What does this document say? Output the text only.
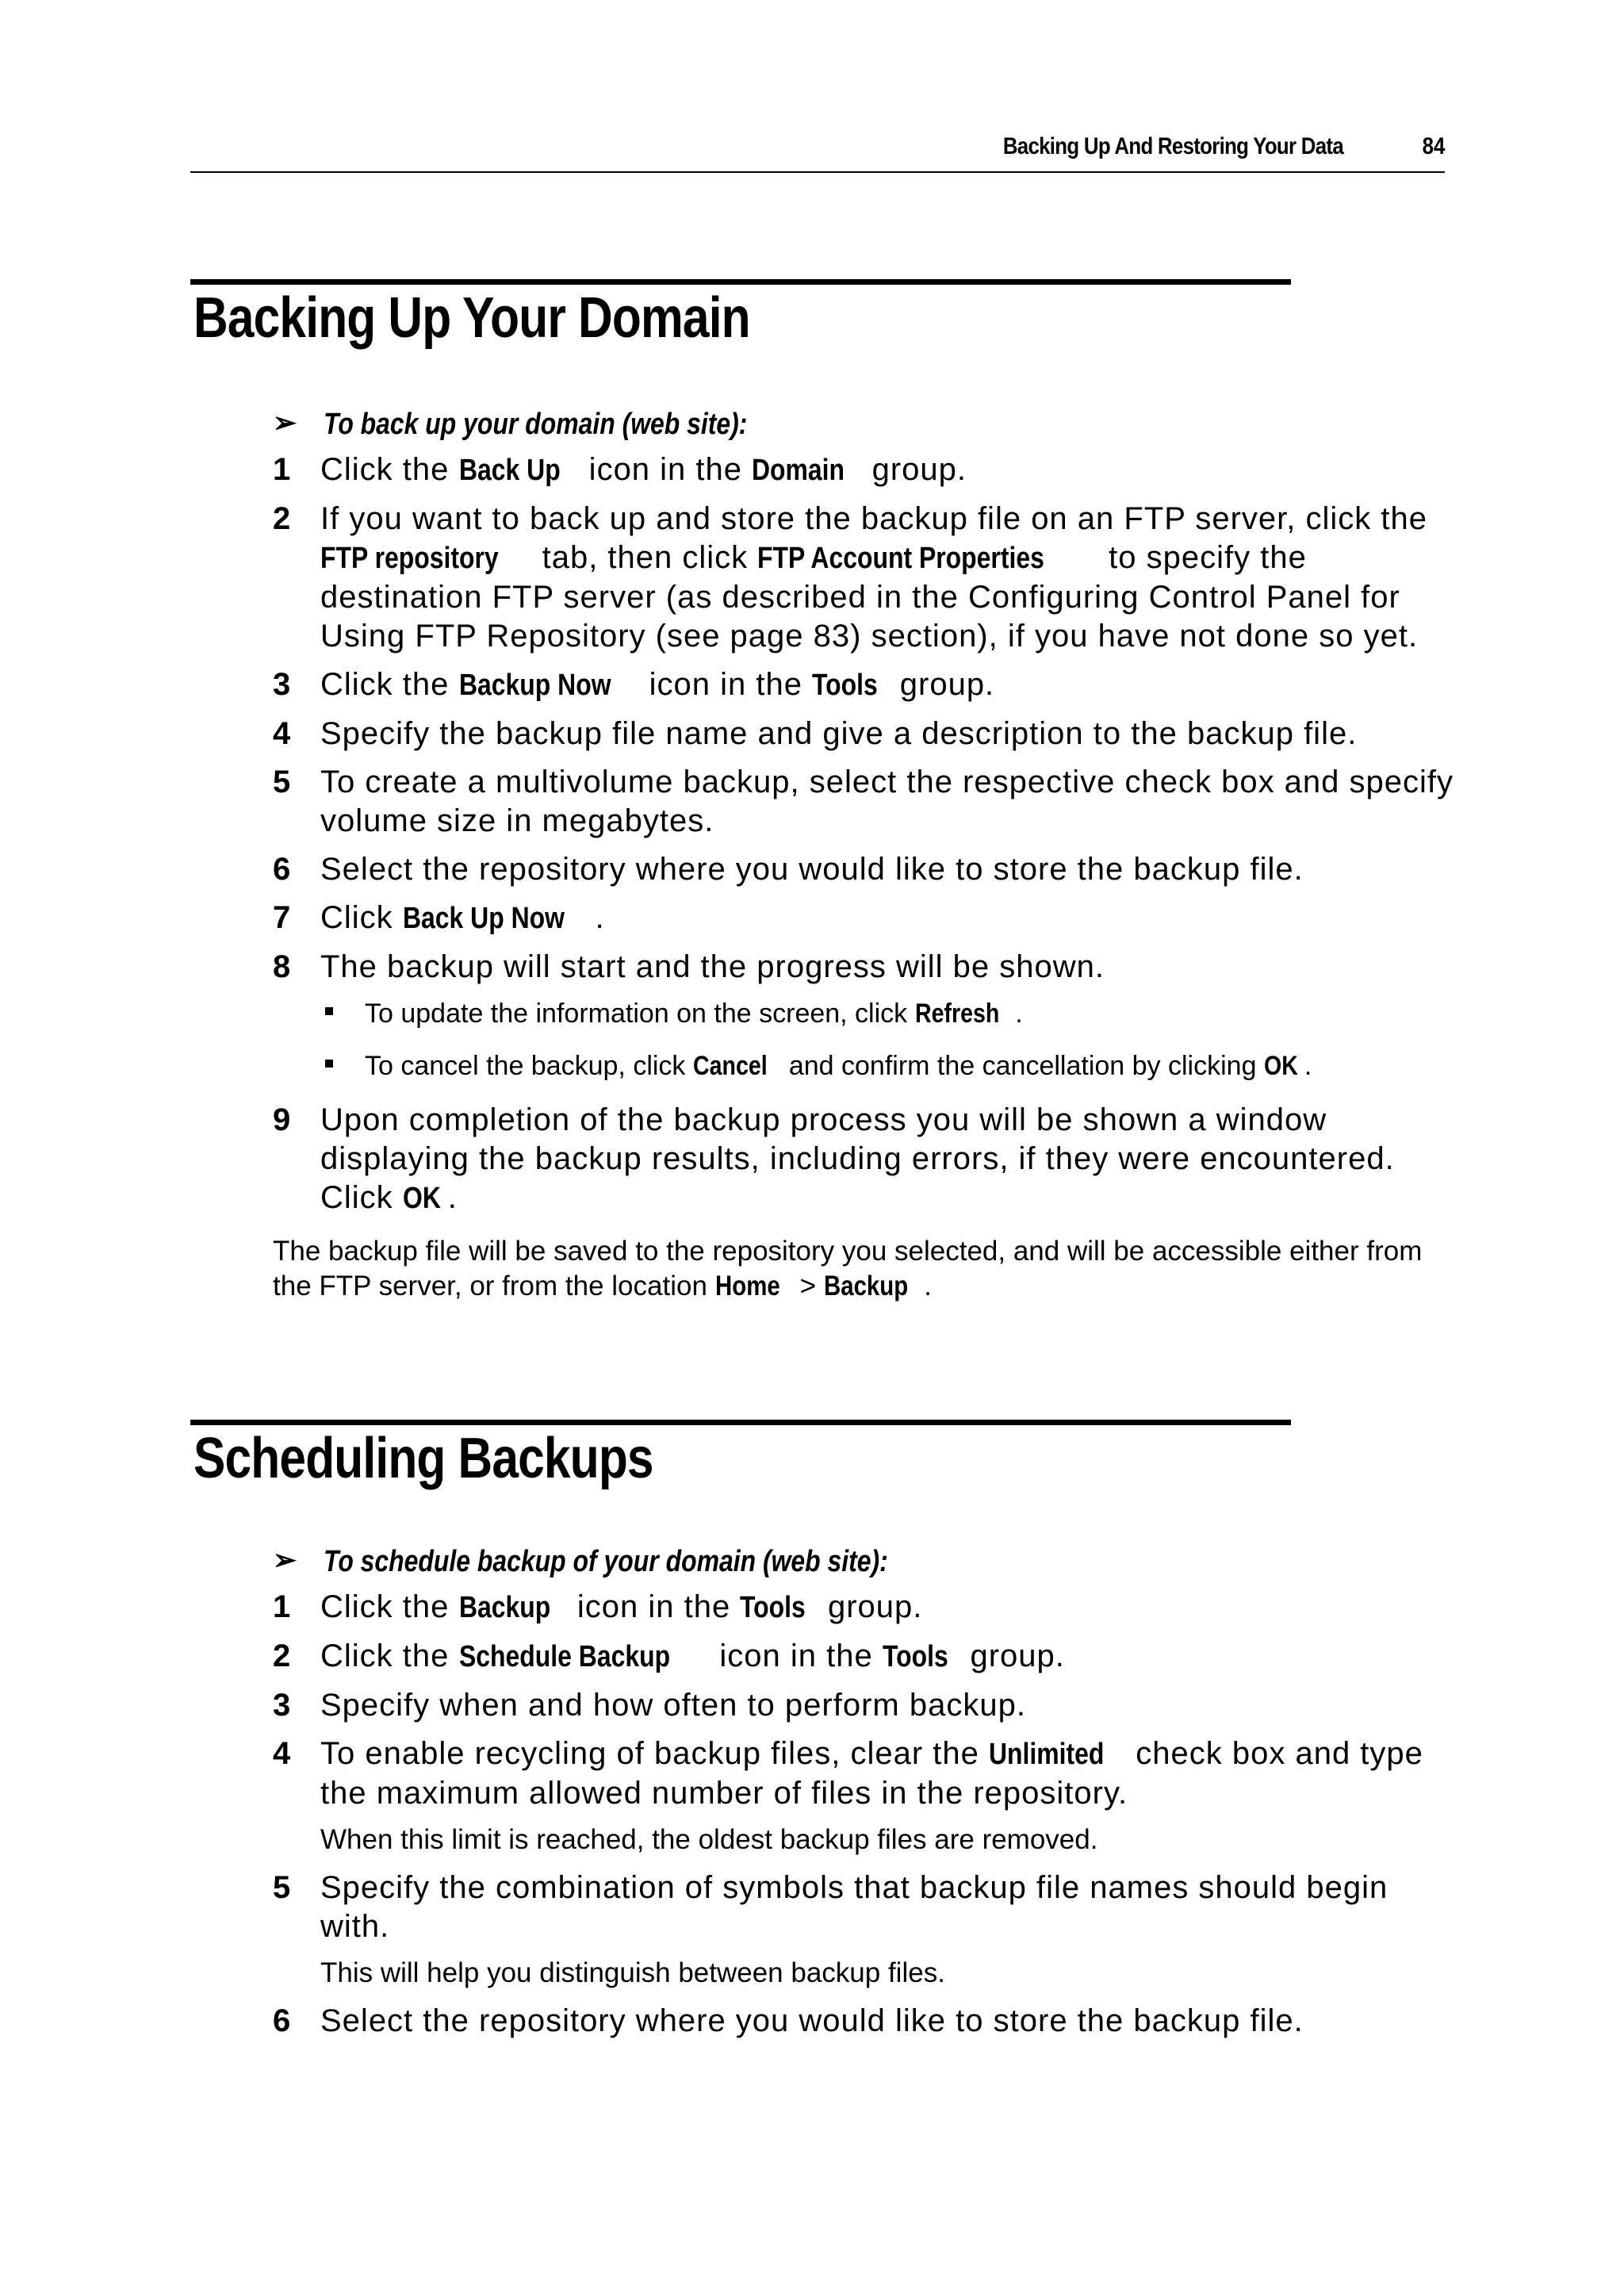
Backing Up And Restoring Your Data	84
Backing Up Your Domain
➢ To back up your domain (web site):
1 Click the Back Up icon in the Domain group.
2 If you want to back up and store the backup file on an FTP server, click the FTP repository tab, then click FTP Account Properties to specify the destination FTP server (as described in the Configuring Control Panel for Using FTP Repository (see page 83) section), if you have not done so yet.
3 Click the Backup Now icon in the Tools group.
4 Specify the backup file name and give a description to the backup file.
5 To create a multivolume backup, select the respective check box and specify volume size in megabytes.
6 Select the repository where you would like to store the backup file.
7 Click Back Up Now .
8 The backup will start and the progress will be shown.
To update the information on the screen, click Refresh .
To cancel the backup, click Cancel and confirm the cancellation by clicking OK .
9 Upon completion of the backup process you will be shown a window displaying the backup results, including errors, if they were encountered. Click OK .
The backup file will be saved to the repository you selected, and will be accessible either from the FTP server, or from the location Home > Backup .
Scheduling Backups
➢ To schedule backup of your domain (web site):
1 Click the Backup icon in the Tools group.
2 Click the Schedule Backup icon in the Tools group.
3 Specify when and how often to perform backup.
4 To enable recycling of backup files, clear the Unlimited check box and type the maximum allowed number of files in the repository.
When this limit is reached, the oldest backup files are removed.
5 Specify the combination of symbols that backup file names should begin with.
This will help you distinguish between backup files.
6 Select the repository where you would like to store the backup file.
